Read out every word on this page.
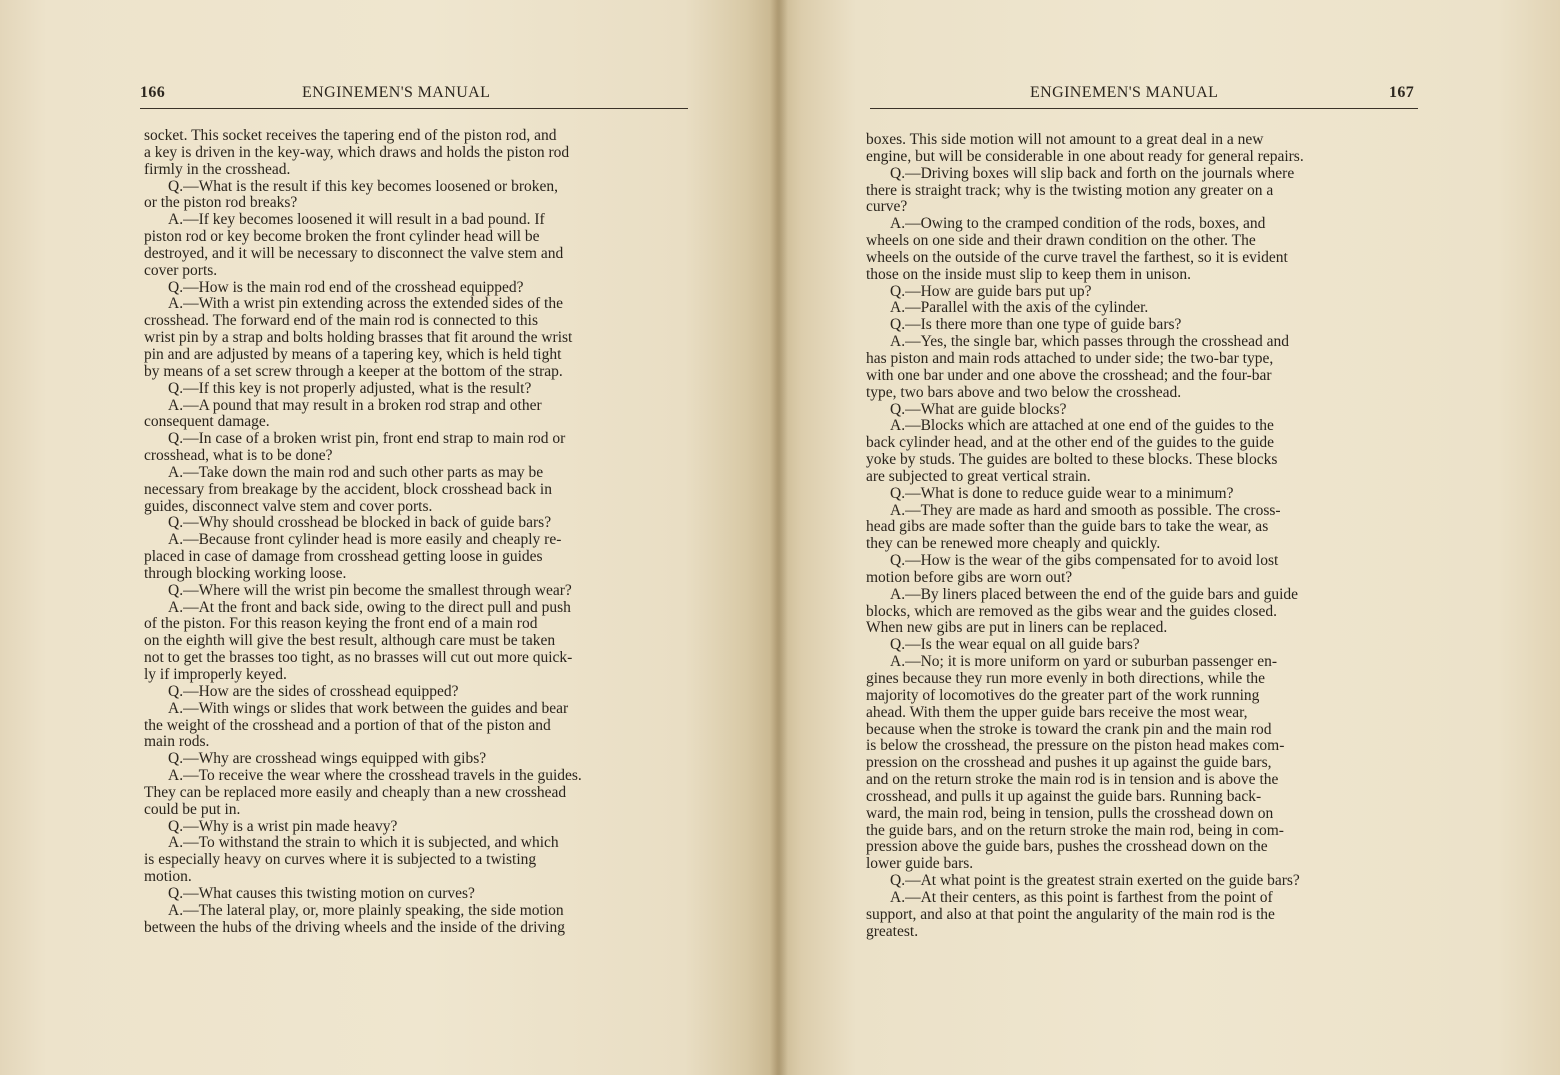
166	ENGINEMEN'S MANUAL
socket. This socket receives the tapering end of the piston rod, and
a key is driven in the key-way, which draws and holds the piston rod
firmly in the crosshead.
Q.—What is the result if this key becomes loosened or broken,
or the piston rod breaks?
A.—If key becomes loosened it will result in a bad pound. If
piston rod or key become broken the front cylinder head will be
destroyed, and it will be necessary to disconnect the valve stem and
cover ports.
Q.—How is the main rod end of the crosshead equipped?
A.—With a wrist pin extending across the extended sides of the
crosshead. The forward end of the main rod is connected to this
wrist pin by a strap and bolts holding brasses that fit around the wrist
pin and are adjusted by means of a tapering key, which is held tight
by means of a set screw through a keeper at the bottom of the strap.
Q.—If this key is not properly adjusted, what is the result?
A.—A pound that may result in a broken rod strap and other
consequent damage.
Q.—In case of a broken wrist pin, front end strap to main rod or
crosshead, what is to be done?
A.—Take down the main rod and such other parts as may be
necessary from breakage by the accident, block crosshead back in
guides, disconnect valve stem and cover ports.
Q.—Why should crosshead be blocked in back of guide bars?
A.—Because front cylinder head is more easily and cheaply re-
placed in case of damage from crosshead getting loose in guides
through blocking working loose.
Q.—Where will the wrist pin become the smallest through wear?
A.—At the front and back side, owing to the direct pull and push
of the piston. For this reason keying the front end of a main rod
on the eighth will give the best result, although care must be taken
not to get the brasses too tight, as no brasses will cut out more quick-
ly if improperly keyed.
Q.—How are the sides of crosshead equipped?
A.—With wings or slides that work between the guides and bear
the weight of the crosshead and a portion of that of the piston and
main rods.
Q.—Why are crosshead wings equipped with gibs?
A.—To receive the wear where the crosshead travels in the guides.
They can be replaced more easily and cheaply than a new crosshead
could be put in.
Q.—Why is a wrist pin made heavy?
A.—To withstand the strain to which it is subjected, and which
is especially heavy on curves where it is subjected to a twisting
motion.
Q.—What causes this twisting motion on curves?
A.—The lateral play, or, more plainly speaking, the side motion
between the hubs of the driving wheels and the inside of the driving
ENGINEMEN'S MANUAL	167
boxes. This side motion will not amount to a great deal in a new
engine, but will be considerable in one about ready for general repairs.
Q.—Driving boxes will slip back and forth on the journals where
there is straight track; why is the twisting motion any greater on a
curve?
A.—Owing to the cramped condition of the rods, boxes, and
wheels on one side and their drawn condition on the other. The
wheels on the outside of the curve travel the farthest, so it is evident
those on the inside must slip to keep them in unison.
Q.—How are guide bars put up?
A.—Parallel with the axis of the cylinder.
Q.—Is there more than one type of guide bars?
A.—Yes, the single bar, which passes through the crosshead and
has piston and main rods attached to under side; the two-bar type,
with one bar under and one above the crosshead; and the four-bar
type, two bars above and two below the crosshead.
Q.—What are guide blocks?
A.—Blocks which are attached at one end of the guides to the
back cylinder head, and at the other end of the guides to the guide
yoke by studs. The guides are bolted to these blocks. These blocks
are subjected to great vertical strain.
Q.—What is done to reduce guide wear to a minimum?
A.—They are made as hard and smooth as possible. The cross-
head gibs are made softer than the guide bars to take the wear, as
they can be renewed more cheaply and quickly.
Q.—How is the wear of the gibs compensated for to avoid lost
motion before gibs are worn out?
A.—By liners placed between the end of the guide bars and guide
blocks, which are removed as the gibs wear and the guides closed.
When new gibs are put in liners can be replaced.
Q.—Is the wear equal on all guide bars?
A.—No; it is more uniform on yard or suburban passenger en-
gines because they run more evenly in both directions, while the
majority of locomotives do the greater part of the work running
ahead. With them the upper guide bars receive the most wear,
because when the stroke is toward the crank pin and the main rod
is below the crosshead, the pressure on the piston head makes com-
pression on the crosshead and pushes it up against the guide bars,
and on the return stroke the main rod is in tension and is above the
crosshead, and pulls it up against the guide bars. Running back-
ward, the main rod, being in tension, pulls the crosshead down on
the guide bars, and on the return stroke the main rod, being in com-
pression above the guide bars, pushes the crosshead down on the
lower guide bars.
Q.—At what point is the greatest strain exerted on the guide bars?
A.—At their centers, as this point is farthest from the point of
support, and also at that point the angularity of the main rod is the
greatest.
